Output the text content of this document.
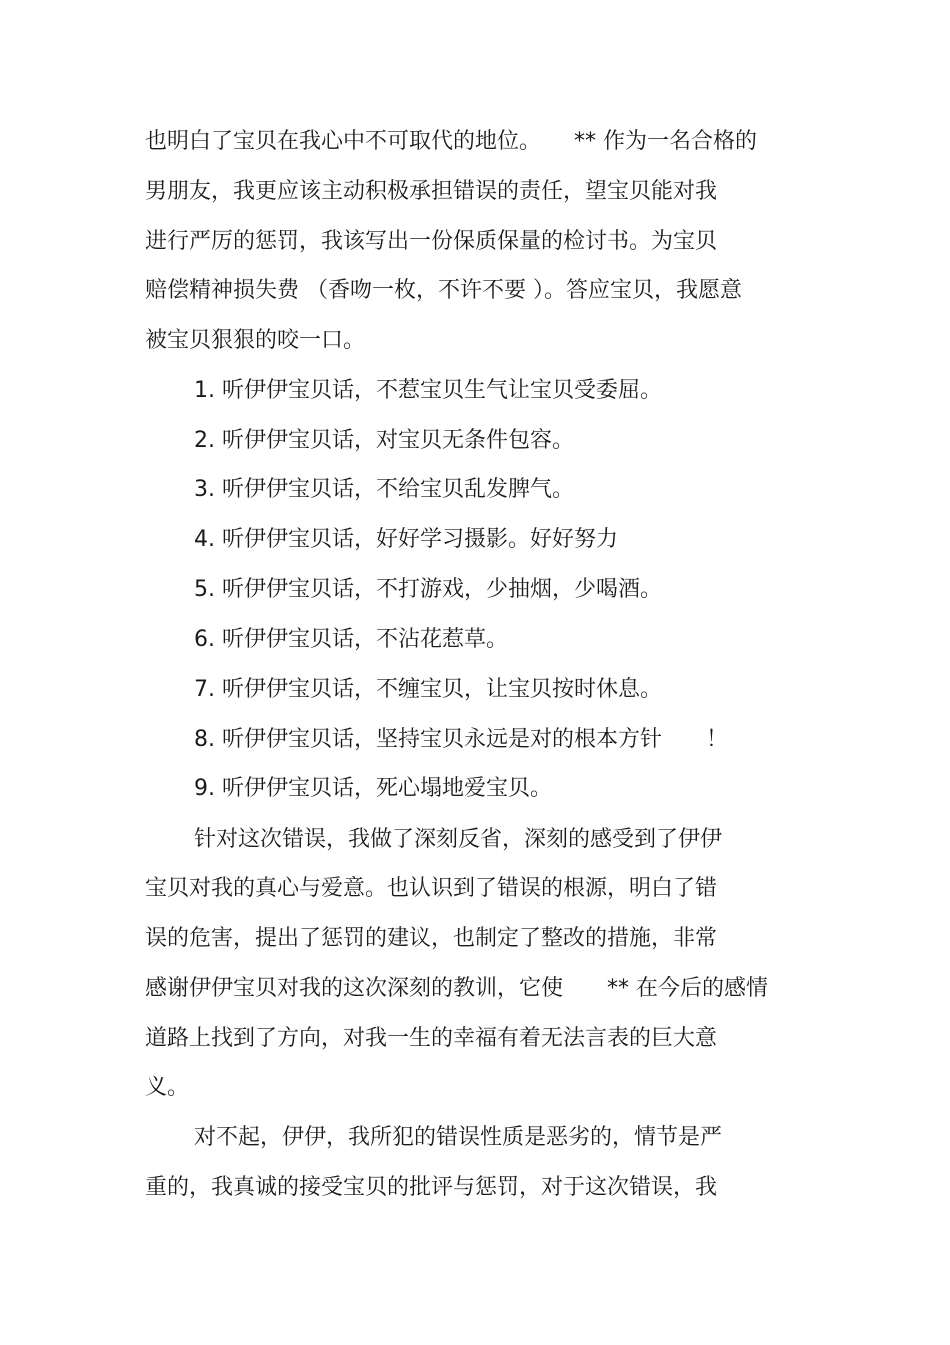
也明白了宝贝在我心中不可取代的地位。　　** 作为一名合格的
男朋友，我更应该主动积极承担错误的责任，望宝贝能对我
进行严厉的惩罚，我该写出一份保质保量的检讨书。为宝贝
赔偿精神损失费 （香吻一枚，不许不要 ）。答应宝贝，我愿意
被宝贝狠狠的咬一口。
1. 听伊伊宝贝话，不惹宝贝生气让宝贝受委屈。
2. 听伊伊宝贝话，对宝贝无条件包容。
3. 听伊伊宝贝话，不给宝贝乱发脾气。
4. 听伊伊宝贝话，好好学习摄影。好好努力
5. 听伊伊宝贝话，不打游戏，少抽烟，少喝酒。
6. 听伊伊宝贝话，不沾花惹草。
7. 听伊伊宝贝话，不缠宝贝，让宝贝按时休息。
8. 听伊伊宝贝话，坚持宝贝永远是对的根本方针　　！
9. 听伊伊宝贝话，死心塌地爱宝贝。
针对这次错误，我做了深刻反省，深刻的感受到了伊伊
宝贝对我的真心与爱意。也认识到了错误的根源，明白了错
误的危害，提出了惩罚的建议，也制定了整改的措施，非常
感谢伊伊宝贝对我的这次深刻的教训，它使　　** 在今后的感情
道路上找到了方向，对我一生的幸福有着无法言表的巨大意
义。
对不起，伊伊，我所犯的错误性质是恶劣的，情节是严
重的，我真诚的接受宝贝的批评与惩罚，对于这次错误，我
